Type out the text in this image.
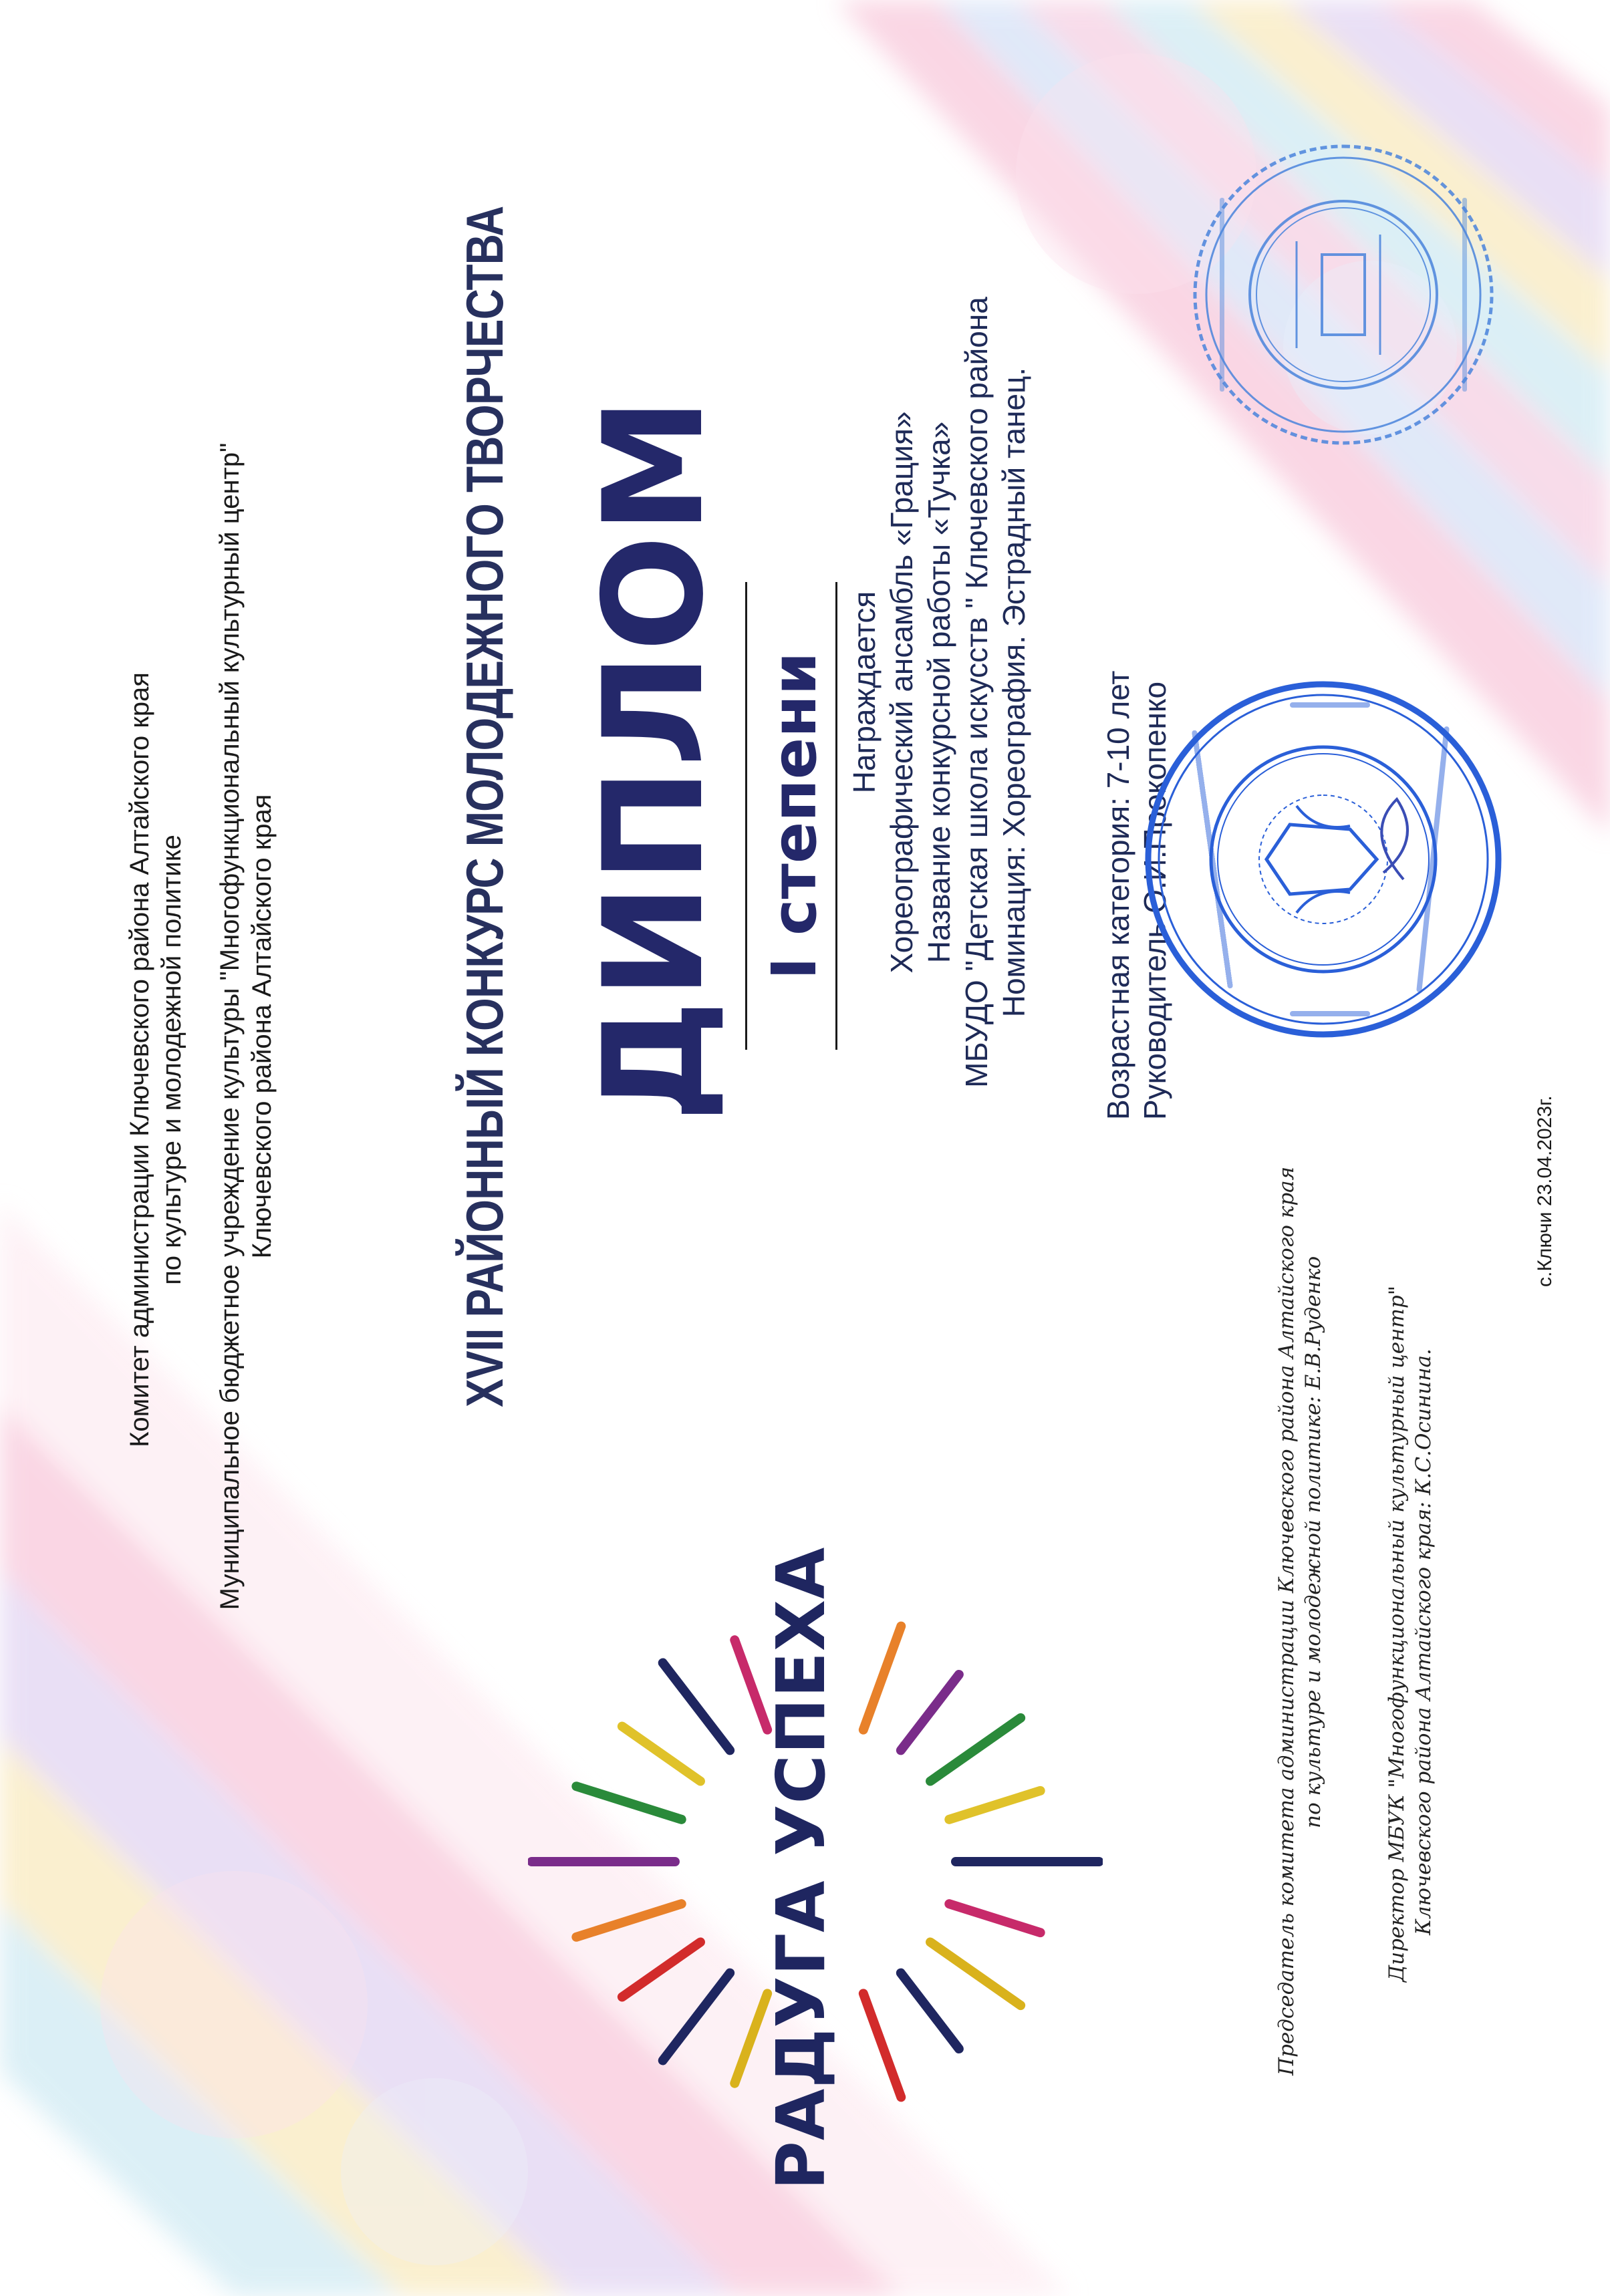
РАДУГА УСПЕХА
Комитет администрации Ключевского района Алтайского края по культуре и молодежной политике Муниципальное бюджетное учреждение культуры "Многофункциональный культурный центр" Ключевского района Алтайского края	XVII РАЙОННЫЙ КОНКУРС МОЛОДЕЖНОГО ТВОРЧЕСТВА ДИПЛОМ I степени Награждается Хореографический ансамбль «Грация» Название конкурсной работы «Тучка» МБУДО "Детская школа искусств " Ключевского района Номинация: Хореография. Эстрадный танец. Возрастная категория: 7-10 лет Руководитель О.И.Прокопенко
Председатель комитета администрации Ключевского района Алтайского края по культуре и молодежной политике: Е.В.Руденко	Директор МБУК "Многофункциональный культурный центр" Ключевского района Алтайского края: К.С.Осинина.
с.Ключи 23.04.2023г.
